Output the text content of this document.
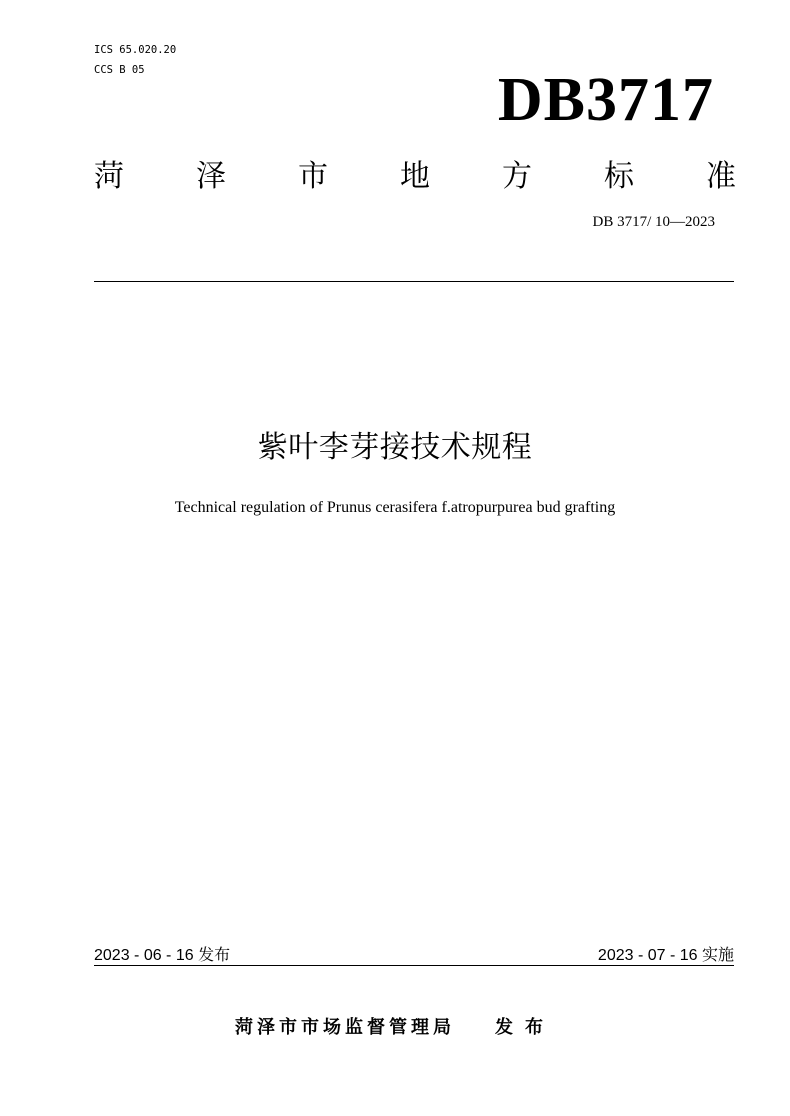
ICS 65.020.20
CCS B 05	DB3717
菏 泽 市 地 方 标 准
DB 3717/ 10—2023
紫叶李芽接技术规程
Technical regulation of Prunus cerasifera f.atropurpurea bud grafting
2023 - 06 - 16 发布	2023 - 07 - 16 实施
菏泽市市场监督管理局 发布
